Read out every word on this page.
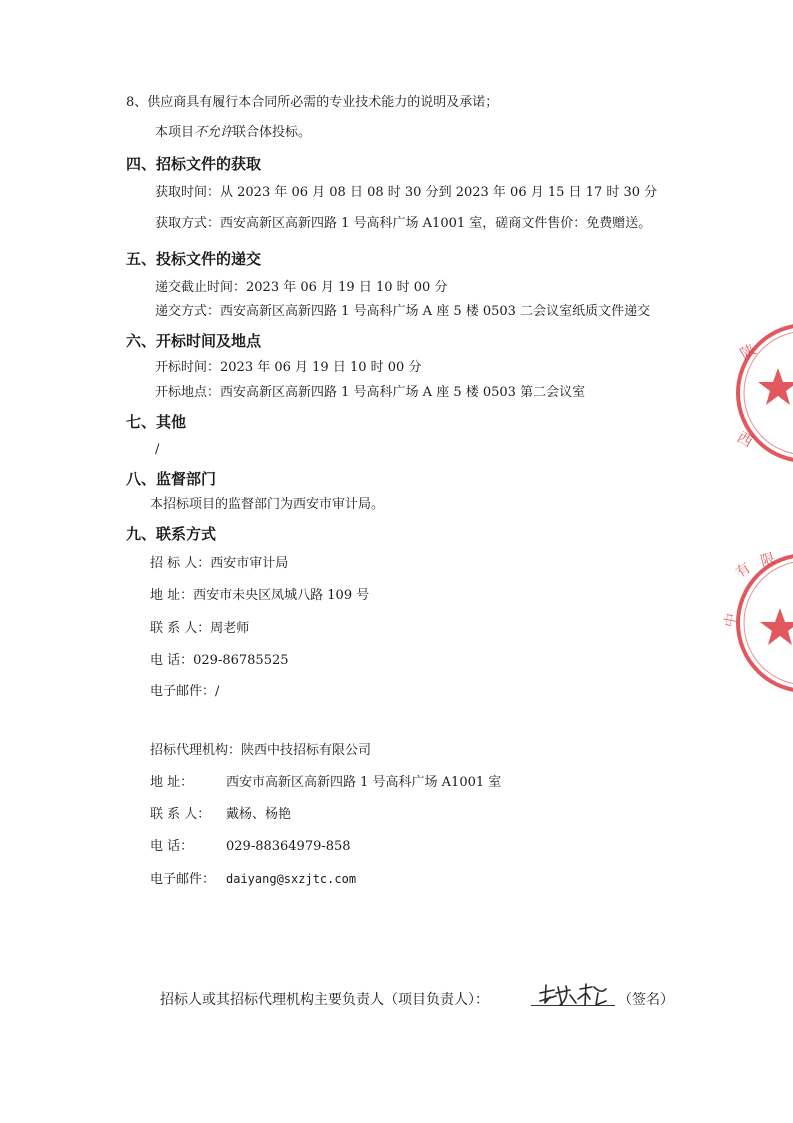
8、供应商具有履行本合同所必需的专业技术能力的说明及承诺；
本项目不允许联合体投标。
四、招标文件的获取
获取时间：从 2023 年 06 月 08 日 08 时 30 分到 2023 年 06 月 15 日 17 时 30 分
获取方式：西安高新区高新四路 1 号高科广场 A1001 室，磋商文件售价：免费赠送。
五、投标文件的递交
递交截止时间：2023 年 06 月 19 日 10 时 00 分
递交方式：西安高新区高新四路 1 号高科广场 A 座 5 楼 0503 二会议室纸质文件递交
六、开标时间及地点
开标时间：2023 年 06 月 19 日 10 时 00 分
开标地点：西安高新区高新四路 1 号高科广场 A 座 5 楼 0503 第二会议室
七、其他
/
八、监督部门
本招标项目的监督部门为西安市审计局。
九、联系方式
招 标 人：西安市审计局
地 址：西安市未央区凤城八路 109 号
联 系 人：周老师
电 话：029-86785525
电子邮件：/
招标代理机构：陕西中技招标有限公司
地 址：	西安市高新区高新四路 1 号高科广场 A1001 室
联 系 人： 戴杨、杨艳
电 话：	029-88364979-858
电子邮件： daiyang@sxzjtc.com
招标人或其招标代理机构主要负责人（项目负责人）：	（签名）
陕
西
有 限
中
